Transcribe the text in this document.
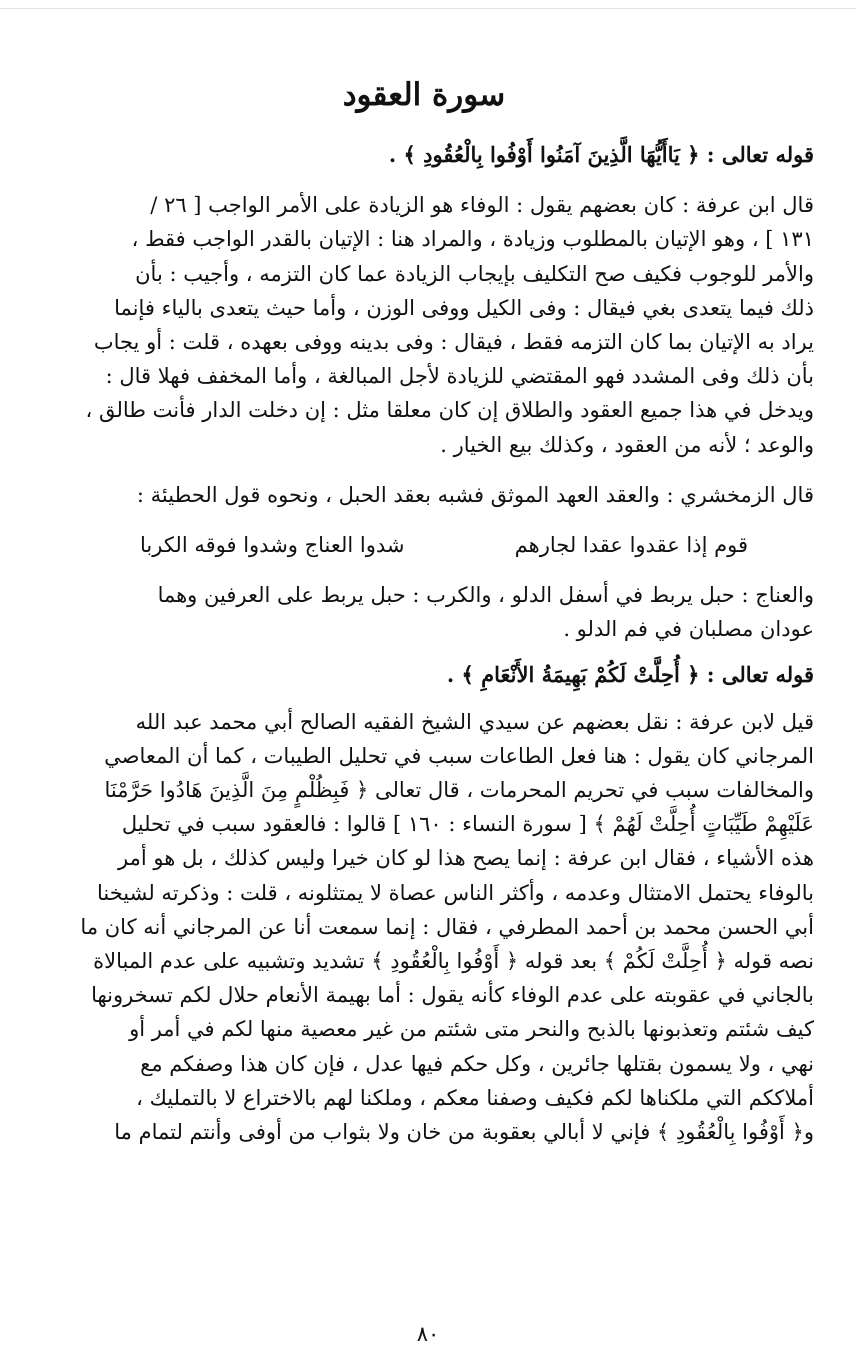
سورة العقود

قوله تعالى : ﴿ يَاأَيُّهَا الَّذِينَ آمَنُوا أَوْفُوا بِالْعُقُودِ ﴾ .

قال ابن عرفة : كان بعضهم يقول : الوفاء هو الزيادة على الأمر الواجب [ ٢٦ /
١٣١ ] ، وهو الإتيان بالمطلوب وزيادة ، والمراد هنا : الإتيان بالقدر الواجب فقط ،
والأمر للوجوب فكيف صح التكليف بإيجاب الزيادة عما كان التزمه ، وأجيب : بأن
ذلك فيما يتعدى بغي فيقال : وفى الكيل ووفى الوزن ، وأما حيث يتعدى بالياء فإنما
يراد به الإتيان بما كان التزمه فقط ، فيقال : وفى بدينه ووفى بعهده ، قلت : أو يجاب
بأن ذلك وفى المشدد فهو المقتضي للزيادة لأجل المبالغة ، وأما المخفف فهلا قال :
ويدخل في هذا جميع العقود والطلاق إن كان معلقا مثل : إن دخلت الدار فأنت طالق ،
والوعد ؛ لأنه من العقود ، وكذلك بيع الخيار .

قال الزمخشري : والعقد العهد الموثق فشبه بعقد الحبل ، ونحوه قول الحطيئة :

قوم إذا عقدوا عقدا لجارهم
شدوا العناج وشدوا فوقه الكربا
والعناج : حبل يربط في أسفل الدلو ، والكرب : حبل يربط على العرفين وهما
عودان مصلبان في فم الدلو .

قوله تعالى : ﴿ أُحِلَّتْ لَكُمْ بَهِيمَةُ الأَنْعَامِ ﴾ .

قيل لابن عرفة : نقل بعضهم عن سيدي الشيخ الفقيه الصالح أبي محمد عبد الله
المرجاني كان يقول : هنا فعل الطاعات سبب في تحليل الطيبات ، كما أن المعاصي
والمخالفات سبب في تحريم المحرمات ، قال تعالى ﴿ فَبِظُلْمٍ مِنَ الَّذِينَ هَادُوا حَرَّمْنَا
عَلَيْهِمْ طَيِّبَاتٍ أُحِلَّتْ لَهُمْ ﴾ [ سورة النساء : ١٦٠ ] قالوا : فالعقود سبب في تحليل
هذه الأشياء ، فقال ابن عرفة : إنما يصح هذا لو كان خيرا وليس كذلك ، بل هو أمر
بالوفاء يحتمل الامتثال وعدمه ، وأكثر الناس عصاة لا يمتثلونه ، قلت : وذكرته لشيخنا
أبي الحسن محمد بن أحمد المطرفي ، فقال : إنما سمعت أنا عن المرجاني أنه كان ما
نصه قوله ﴿ أُحِلَّتْ لَكُمْ ﴾ بعد قوله ﴿ أَوْفُوا بِالْعُقُودِ ﴾ تشديد وتشبيه على عدم المبالاة
بالجاني في عقوبته على عدم الوفاء كأنه يقول : أما بهيمة الأنعام حلال لكم تسخرونها
كيف شئتم وتعذبونها بالذبح والنحر متى شئتم من غير معصية منها لكم في أمر أو
نهي ، ولا يسمون بقتلها جائرين ، وكل حكم فيها عدل ، فإن كان هذا وصفكم مع
أملاككم التي ملكناها لكم فكيف وصفنا معكم ، وملكنا لهم بالاختراع لا بالتمليك ،
و﴿ أَوْفُوا بِالْعُقُودِ ﴾ فإني لا أبالي بعقوبة من خان ولا بثواب من أوفى وأنتم لتمام ما
٨٠
